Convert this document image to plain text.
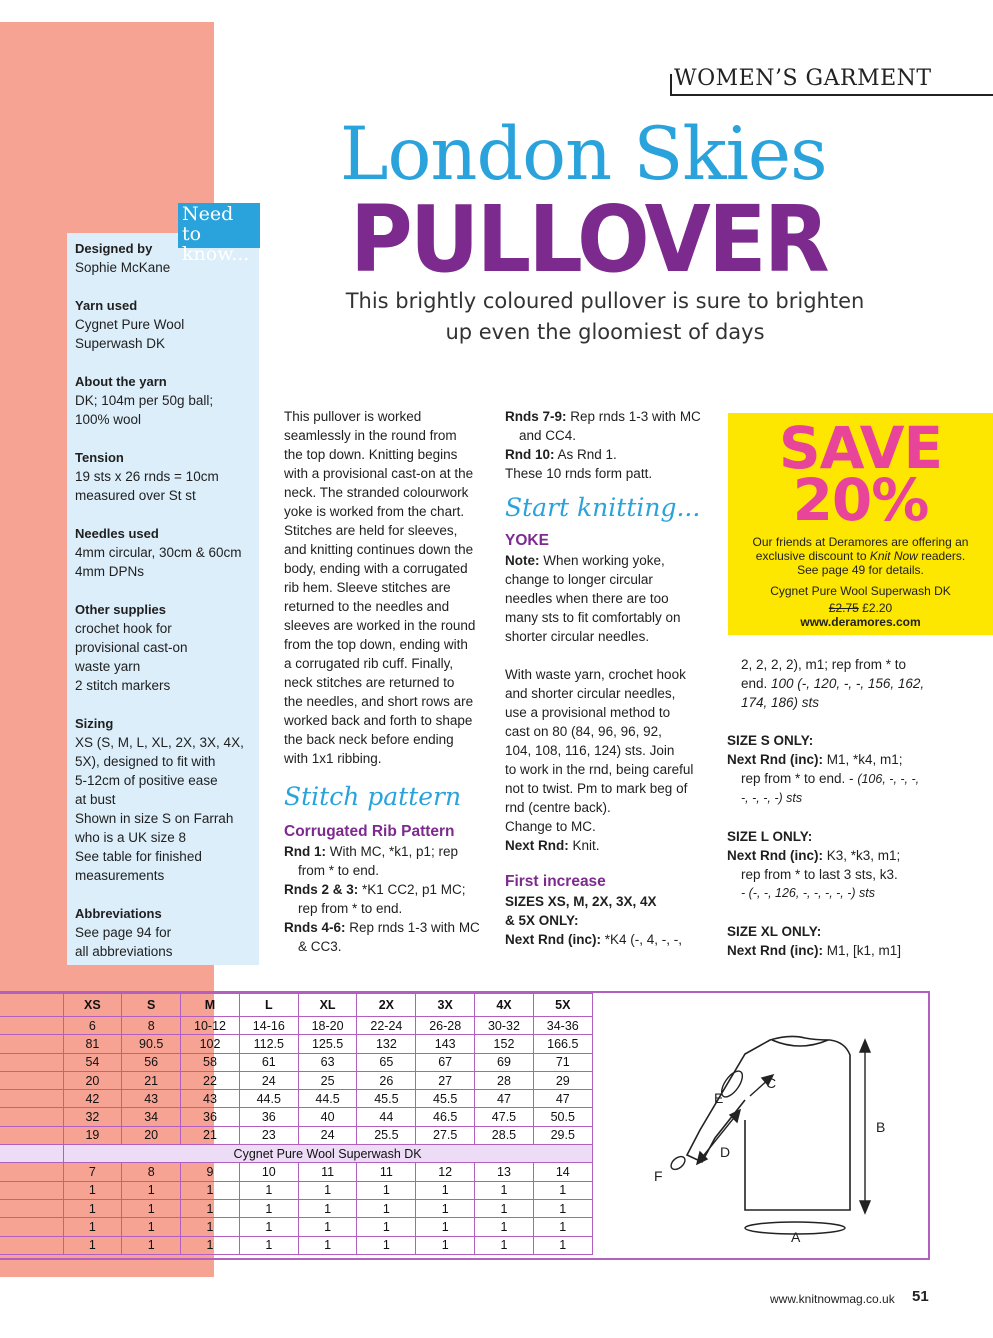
WOMEN’S GARMENT
London Skies
PULLOVER
This brightly coloured pullover is sure to brighten up even the gloomiest of days
Designed by
Sophie McKane
Yarn used
Cygnet Pure Wool
Superwash DK
About the yarn
DK; 104m per 50g ball;
100% wool
Tension
19 sts x 26 rnds = 10cm
measured over St st
Needles used
4mm circular, 30cm & 60cm
4mm DPNs
Other supplies
crochet hook for
provisional cast-on
waste yarn
2 stitch markers
Sizing
XS (S, M, L, XL, 2X, 3X, 4X,
5X), designed to fit with
5-12cm of positive ease
at bust
Shown in size S on Farrah
who is a UK size 8
See table for finished
measurements
Abbreviations
See page 94 for
all abbreviations
Need to know...

This pullover is worked

seamlessly in the round from

the top down. Knitting begins

with a provisional cast-on at the

neck. The stranded colourwork

yoke is worked from the chart.

Stitches are held for sleeves,

and knitting continues down the

body, ending with a corrugated

rib hem. Sleeve stitches are

returned to the needles and

sleeves are worked in the round

from the top down, ending with

a corrugated rib cuff. Finally,

neck stitches are returned to

the needles, and short rows are

worked back and forth to shape

the back neck before ending

with 1x1 ribbing.

Stitch pattern
Corrugated Rib Pattern

Rnd 1: With MC, *k1, p1; rep

from * to end.

Rnds 2 & 3: *K1 CC2, p1 MC;

rep from * to end.

Rnds 4-6: Rep rnds 1-3 with MC

& CC3.

Rnds 7-9: Rep rnds 1-3 with MC

and CC4.

Rnd 10: As Rnd 1.

These 10 rnds form patt.

Start knitting...
YOKE

Note: When working yoke,

change to longer circular

needles when there are too

many sts to fit comfortably on

shorter circular needles.

With waste yarn, crochet hook

and shorter circular needles,

use a provisional method to

cast on 80 (84, 96, 96, 92,

104, 108, 116, 124) sts. Join

to work in the rnd, being careful

not to twist. Pm to mark beg of

rnd (centre back).

Change to MC.

Next Rnd: Knit.

First increase

SIZES XS, M, 2X, 3X, 4X

& 5X ONLY:

Next Rnd (inc): *K4 (-, 4, -, -,

SAVE
20%
Our friends at Deramores are offering an
exclusive discount to Knit Now readers.
See page 49 for details.
Cygnet Pure Wool Superwash DK
£2.75 £2.20
www.deramores.com

2, 2, 2, 2), m1; rep from * to

end. 100 (-, 120, -, -, 156, 162,

174, 186) sts

SIZE S ONLY:

Next Rnd (inc): M1, *k4, m1;

rep from * to end. - (106, -, -, -,

-, -, -, -) sts

SIZE L ONLY:

Next Rnd (inc): K3, *k3, m1;

rep from * to last 3 sts, k3.

- (-, -, 126, -, -, -, -, -) sts

SIZE XL ONLY:

Next Rnd (inc): M1, [k1, m1]

	XS	S	M	L	XL	2X	3X	4X	5X
	6	8	10-12	14-16	18-20	22-24	26-28	30-32	34-36
	81	90.5	102	112.5	125.5	132	143	152	166.5
	54	56	58	61	63	65	67	69	71
	20	21	22	24	25	26	27	28	29
	42	43	43	44.5	44.5	45.5	45.5	47	47
	32	34	36	36	40	44	46.5	47.5	50.5
	19	20	21	23	24	25.5	27.5	28.5	29.5
	Cygnet Pure Wool Superwash DK								
	7	8	9	10	11	11	12	13	14
	1	1	1	1	1	1	1	1	1
	1	1	1	1	1	1	1	1	1
	1	1	1	1	1	1	1	1	1
	1	1	1	1	1	1	1	1	1
C
B
E
D
F
A
www.knitnowmag.co.uk 51
